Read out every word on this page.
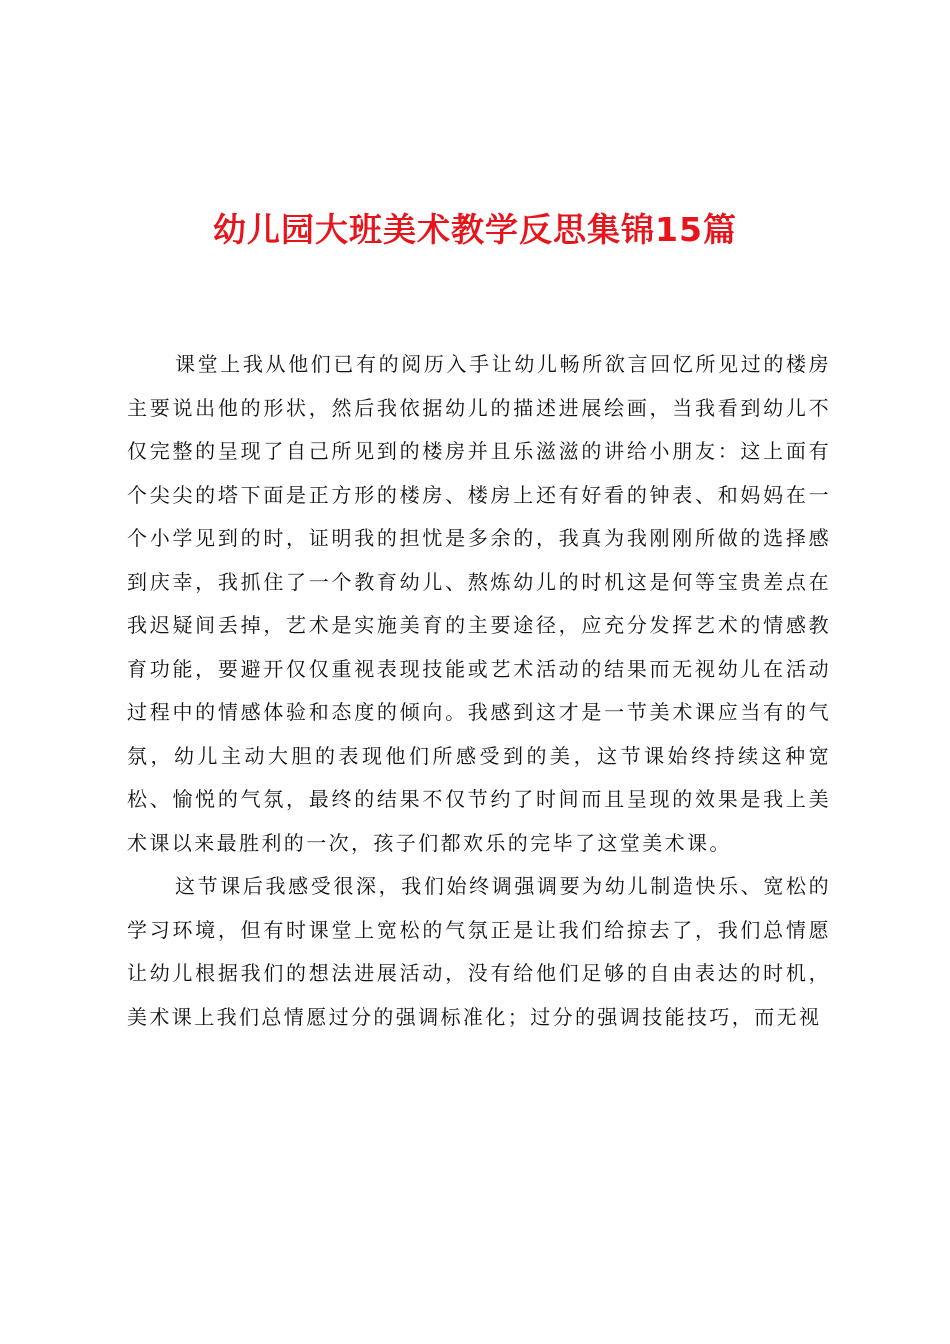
幼儿园大班美术教学反思集锦15篇

课堂上我从他们已有的阅历入手让幼儿畅所欲言回忆所见过的楼房主要说出他的形状，然后我依据幼儿的描述进展绘画，当我看到幼儿不仅完整的呈现了自己所见到的楼房并且乐滋滋的讲给小朋友：这上面有个尖尖的塔下面是正方形的楼房、楼房上还有好看的钟表、和妈妈在一个小学见到的时，证明我的担忧是多余的，我真为我刚刚所做的选择感到庆幸，我抓住了一个教育幼儿、熬炼幼儿的时机这是何等宝贵差点在我迟疑间丢掉，艺术是实施美育的主要途径，应充分发挥艺术的情感教育功能，要避开仅仅重视表现技能或艺术活动的结果而无视幼儿在活动过程中的情感体验和态度的倾向。我感到这才是一节美术课应当有的气氛，幼儿主动大胆的表现他们所感受到的美，这节课始终持续这种宽松、愉悦的气氛，最终的结果不仅节约了时间而且呈现的效果是我上美术课以来最胜利的一次，孩子们都欢乐的完毕了这堂美术课。

这节课后我感受很深，我们始终调强调要为幼儿制造快乐、宽松的学习环境，但有时课堂上宽松的气氛正是让我们给掠去了，我们总情愿让幼儿根据我们的想法进展活动，没有给他们足够的自由表达的时机，美术课上我们总情愿过分的强调标准化；过分的强调技能技巧，而无视
